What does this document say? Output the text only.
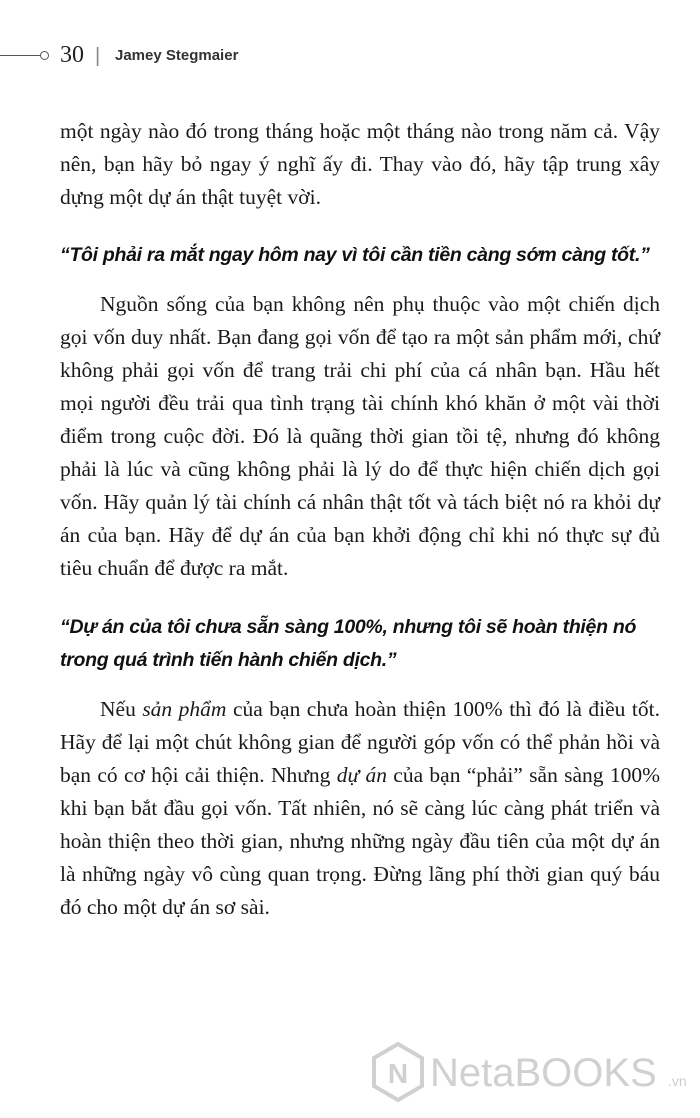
30 | Jamey Stegmaier

một ngày nào đó trong tháng hoặc một tháng nào trong năm cả. Vậy nên, bạn hãy bỏ ngay ý nghĩ ấy đi. Thay vào đó, hãy tập trung xây dựng một dự án thật tuyệt vời.

“Tôi phải ra mắt ngay hôm nay vì tôi cần tiền càng sớm càng tốt.”

Nguồn sống của bạn không nên phụ thuộc vào một chiến dịch gọi vốn duy nhất. Bạn đang gọi vốn để tạo ra một sản phẩm mới, chứ không phải gọi vốn để trang trải chi phí của cá nhân bạn. Hầu hết mọi người đều trải qua tình trạng tài chính khó khăn ở một vài thời điểm trong cuộc đời. Đó là quãng thời gian tồi tệ, nhưng đó không phải là lúc và cũng không phải là lý do để thực hiện chiến dịch gọi vốn. Hãy quản lý tài chính cá nhân thật tốt và tách biệt nó ra khỏi dự án của bạn. Hãy để dự án của bạn khởi động chỉ khi nó thực sự đủ tiêu chuẩn để được ra mắt.

“Dự án của tôi chưa sẵn sàng 100%, nhưng tôi sẽ hoàn thiện nó trong quá trình tiến hành chiến dịch.”

Nếu sản phẩm của bạn chưa hoàn thiện 100% thì đó là điều tốt. Hãy để lại một chút không gian để người góp vốn có thể phản hồi và bạn có cơ hội cải thiện. Nhưng dự án của bạn “phải” sẵn sàng 100% khi bạn bắt đầu gọi vốn. Tất nhiên, nó sẽ càng lúc càng phát triển và hoàn thiện theo thời gian, nhưng những ngày đầu tiên của một dự án là những ngày vô cùng quan trọng. Đừng lãng phí thời gian quý báu đó cho một dự án sơ sài.

N NetaBOOKS .vn
